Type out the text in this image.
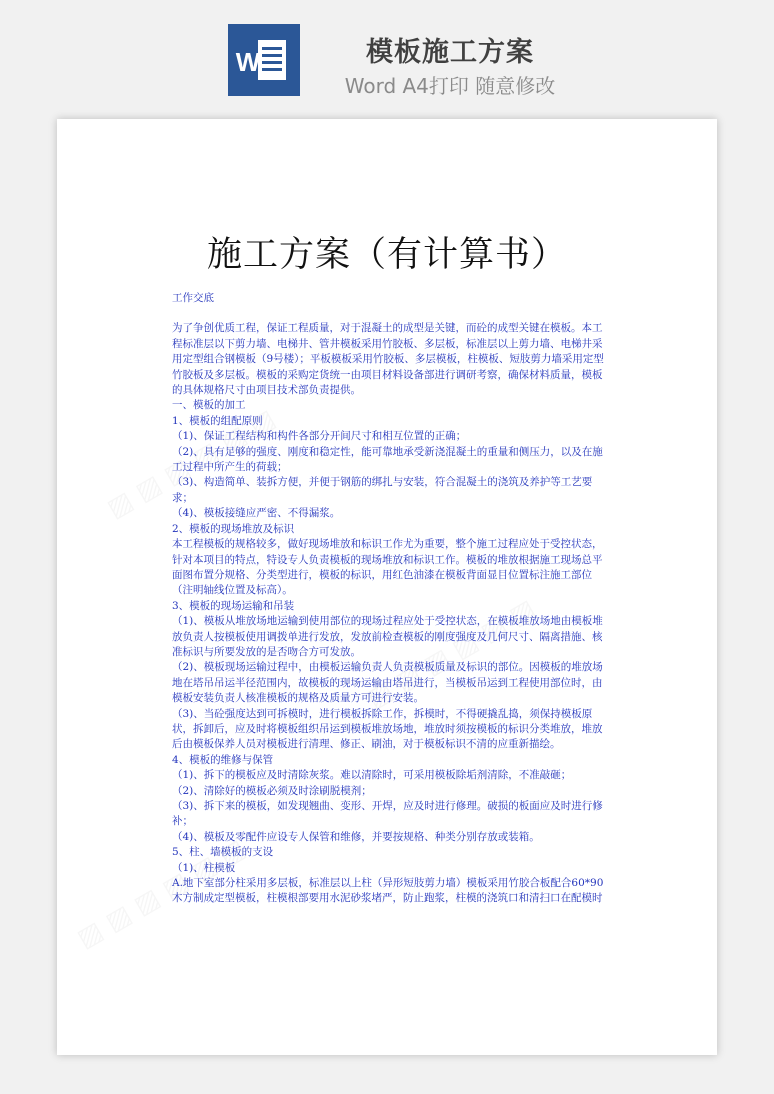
W	模板施工方案
Word A4打印 随意修改
施工方案（有计算书）

工作交底

为了争创优质工程，保证工程质量，对于混凝土的成型是关键，而砼的成型关键在模板。本工程标准层以下剪力墙、电梯井、管井模板采用竹胶板、多层板，标准层以上剪力墙、电梯井采用定型组合钢模板（9号楼）；平板模板采用竹胶板、多层模板，柱模板、短肢剪力墙采用定型竹胶板及多层板。模板的采购定货统一由项目材料设备部进行调研考察，确保材料质量，模板的具体规格尺寸由项目技术部负责提供。

一、模板的加工

1、模板的组配原则

（1)、保证工程结构和构件各部分开间尺寸和相互位置的正确；

（2)、具有足够的强度、刚度和稳定性，能可靠地承受新浇混凝土的重量和侧压力，以及在施工过程中所产生的荷载；

（3)、构造简单、装拆方便，并便于钢筋的绑扎与安装，符合混凝土的浇筑及养护等工艺要求；

（4)、模板接缝应严密、不得漏浆。

2、模板的现场堆放及标识

本工程模板的规格较多，做好现场堆放和标识工作尤为重要，整个施工过程应处于受控状态，针对本项目的特点，特设专人负责模板的现场堆放和标识工作。模板的堆放根据施工现场总平面图布置分规格、分类型进行，模板的标识，用红色油漆在模板背面显目位置标注施工部位（注明轴线位置及标高）。

3、模板的现场运输和吊装

（1)、模板从堆放场地运输到使用部位的现场过程应处于受控状态，在模板堆放场地由模板堆放负责人按模板使用调拨单进行发放，发放前检查模板的刚度强度及几何尺寸、隔离措施、核准标识与所要发放的是否吻合方可发放。

（2)、模板现场运输过程中，由模板运输负责人负责模板质量及标识的部位。因模板的堆放场地在塔吊吊运半径范围内，故模板的现场运输由塔吊进行，当模板吊运到工程使用部位时，由模板安装负责人核准模板的规格及质量方可进行安装。

（3)、当砼强度达到可拆模时，进行模板拆除工作，拆模时，不得硬撬乱捣，须保持模板原状，拆卸后，应及时将模板组织吊运到模板堆放场地，堆放时须按模板的标识分类堆放，堆放后由模板保养人员对模板进行清理、修正、刷油，对于模板标识不清的应重新描绘。

4、模板的维修与保管

（1)、拆下的模板应及时清除灰浆。难以清除时，可采用模板除垢剂清除，不准敲砸；

（2)、清除好的模板必须及时涂刷脱模剂；

（3)、拆下来的模板，如发现翘曲、变形、开焊，应及时进行修理。破损的板面应及时进行修补；

（4)、模板及零配件应设专人保管和维修，并要按规格、种类分别存放或装箱。

5、柱、墙模板的支设

（1)、柱模板

A.地下室部分柱采用多层板，标准层以上柱（异形短肢剪力墙）模板采用竹胶合板配合60*90木方制成定型模板，柱模根部要用水泥砂浆堵严，防止跑浆，柱模的浇筑口和清扫口在配模时
